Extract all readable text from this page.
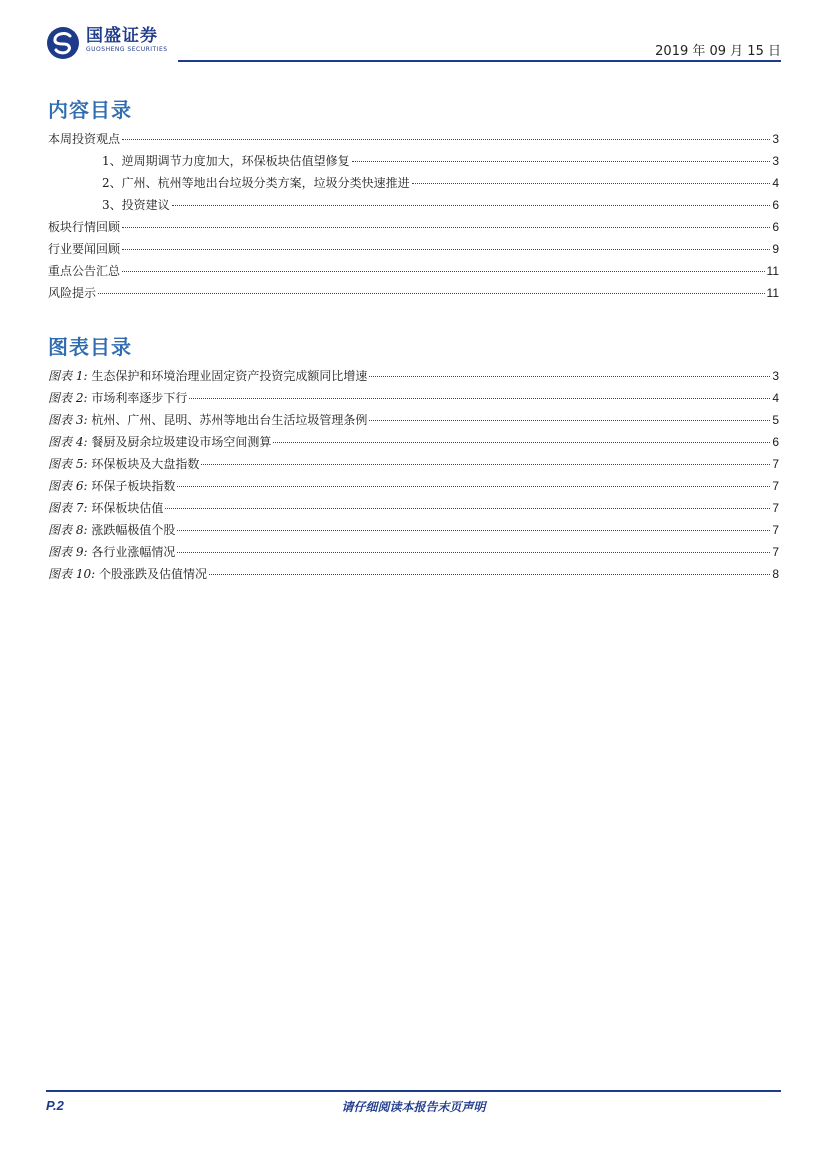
国盛证券
GUOSHENG SECURITIES	2019 年 09 月 15 日
内容目录
本周投资观点	3
1、逆周期调节力度加大，环保板块估值望修复	3
2、广州、杭州等地出台垃圾分类方案，垃圾分类快速推进	4
3、投资建议	6
板块行情回顾	6
行业要闻回顾	9
重点公告汇总	11
风险提示	11
图表目录
图表 1: 生态保护和环境治理业固定资产投资完成额同比增速	3
图表 2: 市场利率逐步下行	4
图表 3: 杭州、广州、昆明、苏州等地出台生活垃圾管理条例	5
图表 4: 餐厨及厨余垃圾建设市场空间测算	6
图表 5: 环保板块及大盘指数	7
图表 6: 环保子板块指数	7
图表 7: 环保板块估值	7
图表 8: 涨跌幅极值个股	7
图表 9: 各行业涨幅情况	7
图表 10: 个股涨跌及估值情况	8
P.2	请仔细阅读本报告末页声明
